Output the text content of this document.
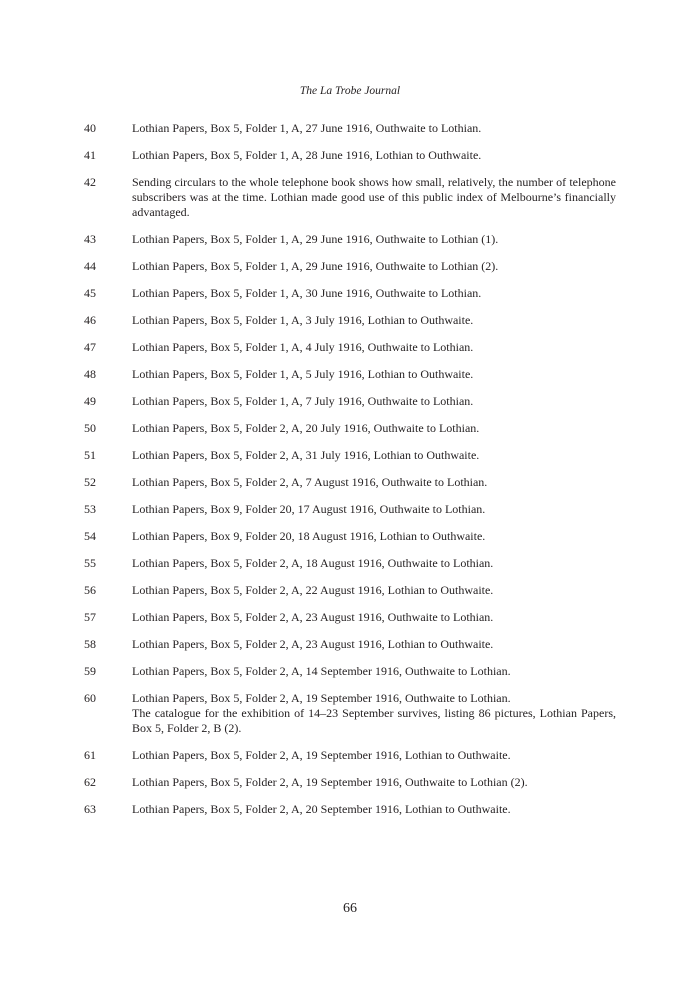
The La Trobe Journal
40	Lothian Papers, Box 5, Folder 1, A, 27 June 1916, Outhwaite to Lothian.
41	Lothian Papers, Box 5, Folder 1, A, 28 June 1916, Lothian to Outhwaite.
42	Sending circulars to the whole telephone book shows how small, relatively, the number of telephone subscribers was at the time. Lothian made good use of this public index of Melbourne’s financially advantaged.
43	Lothian Papers, Box 5, Folder 1, A, 29 June 1916, Outhwaite to Lothian (1).
44	Lothian Papers, Box 5, Folder 1, A, 29 June 1916, Outhwaite to Lothian (2).
45	Lothian Papers, Box 5, Folder 1, A, 30 June 1916, Outhwaite to Lothian.
46	Lothian Papers, Box 5, Folder 1, A, 3 July 1916, Lothian to Outhwaite.
47	Lothian Papers, Box 5, Folder 1, A, 4 July 1916, Outhwaite to Lothian.
48	Lothian Papers, Box 5, Folder 1, A, 5 July 1916, Lothian to Outhwaite.
49	Lothian Papers, Box 5, Folder 1, A, 7 July 1916, Outhwaite to Lothian.
50	Lothian Papers, Box 5, Folder 2, A, 20 July 1916, Outhwaite to Lothian.
51	Lothian Papers, Box 5, Folder 2, A, 31 July 1916, Lothian to Outhwaite.
52	Lothian Papers, Box 5, Folder 2, A, 7 August 1916, Outhwaite to Lothian.
53	Lothian Papers, Box 9, Folder 20, 17 August 1916, Outhwaite to Lothian.
54	Lothian Papers, Box 9, Folder 20, 18 August 1916, Lothian to Outhwaite.
55	Lothian Papers, Box 5, Folder 2, A, 18 August 1916, Outhwaite to Lothian.
56	Lothian Papers, Box 5, Folder 2, A, 22 August 1916, Lothian to Outhwaite.
57	Lothian Papers, Box 5, Folder 2, A, 23 August 1916, Outhwaite to Lothian.
58	Lothian Papers, Box 5, Folder 2, A, 23 August 1916, Lothian to Outhwaite.
59	Lothian Papers, Box 5, Folder 2, A, 14 September 1916, Outhwaite to Lothian.
60	Lothian Papers, Box 5, Folder 2, A, 19 September 1916, Outhwaite to Lothian.
The catalogue for the exhibition of 14–23 September survives, listing 86 pictures, Lothian Papers, Box 5, Folder 2, B (2).
61	Lothian Papers, Box 5, Folder 2, A, 19 September 1916, Lothian to Outhwaite.
62	Lothian Papers, Box 5, Folder 2, A, 19 September 1916, Outhwaite to Lothian (2).
63	Lothian Papers, Box 5, Folder 2, A, 20 September 1916, Lothian to Outhwaite.
66
